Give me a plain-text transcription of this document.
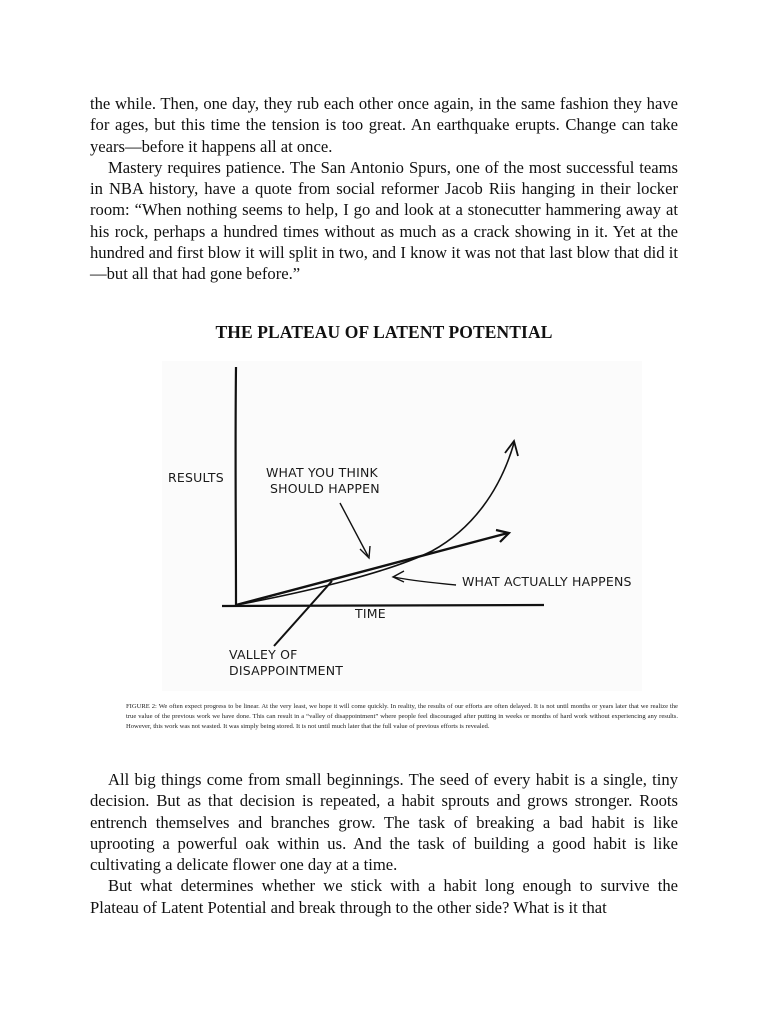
the while. Then, one day, they rub each other once again, in the same fashion they have for ages, but this time the tension is too great. An earthquake erupts. Change can take years—before it happens all at once.

Mastery requires patience. The San Antonio Spurs, one of the most successful teams in NBA history, have a quote from social reformer Jacob Riis hanging in their locker room: “When nothing seems to help, I go and look at a stonecutter hammering away at his rock, perhaps a hundred times without as much as a crack showing in it. Yet at the hundred and first blow it will split in two, and I know it was not that last blow that did it—but all that had gone before.”

THE PLATEAU OF LATENT POTENTIAL
RESULTS	WHAT YOU THINK
SHOULD HAPPEN
WHAT ACTUALLY HAPPENS
TIME
VALLEY OF
DISAPPOINTMENT

FIGURE 2: We often expect progress to be linear. At the very least, we hope it will come quickly. In reality, the results of our efforts are often delayed. It is not until months or years later that we realize the true value of the previous work we have done. This can result in a “valley of disappointment” where people feel discouraged after putting in weeks or months of hard work without experiencing any results. However, this work was not wasted. It was simply being stored. It is not until much later that the full value of previous efforts is revealed.

All big things come from small beginnings. The seed of every habit is a single, tiny decision. But as that decision is repeated, a habit sprouts and grows stronger. Roots entrench themselves and branches grow. The task of breaking a bad habit is like uprooting a powerful oak within us. And the task of building a good habit is like cultivating a delicate flower one day at a time.

But what determines whether we stick with a habit long enough to survive the Plateau of Latent Potential and break through to the other side? What is it that
